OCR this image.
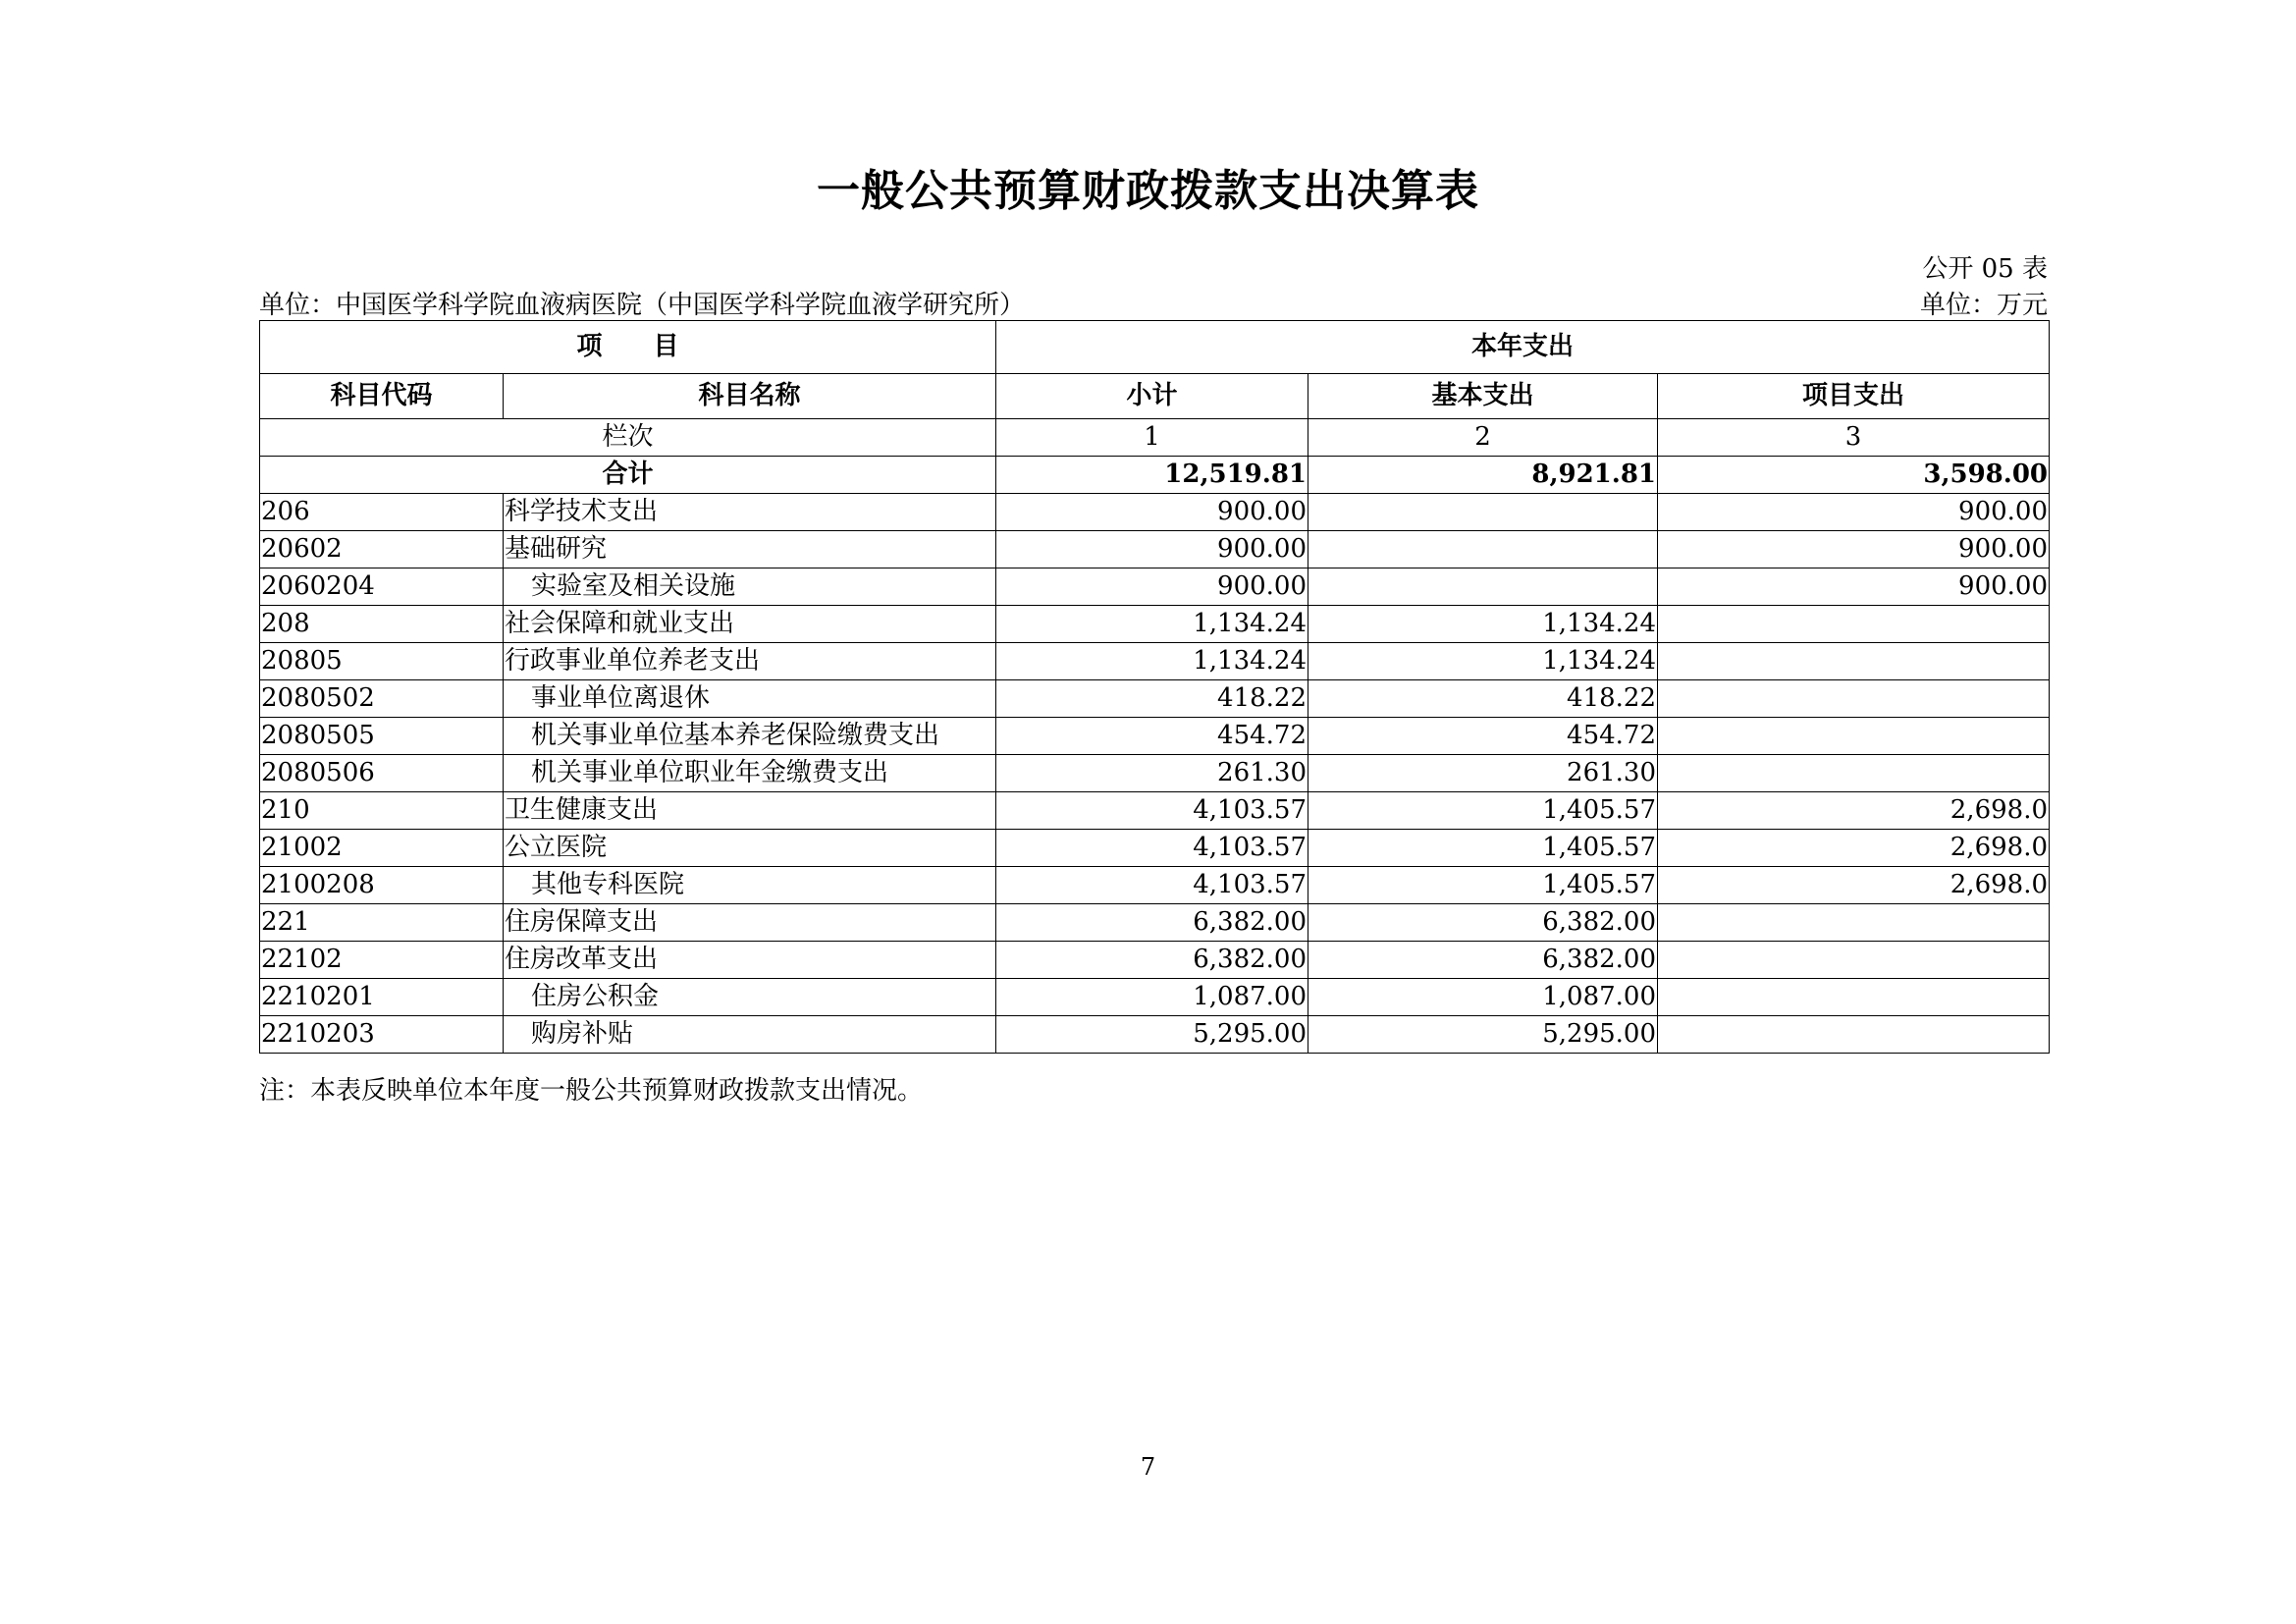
一般公共预算财政拨款支出决算表
公开 05 表
单位：中国医学科学院血液病医院（中国医学科学院血液学研究所）	单位：万元
项　　目		本年支出		
科目代码	科目名称	小计	基本支出	项目支出
栏次		1	2	3
合计		12,519.81	8,921.81	3,598.00
206	科学技术支出	900.00		900.00
20602	基础研究	900.00		900.00
2060204	实验室及相关设施	900.00		900.00
208	社会保障和就业支出	1,134.24	1,134.24	
20805	行政事业单位养老支出	1,134.24	1,134.24	
2080502	事业单位离退休	418.22	418.22	
2080505	机关事业单位基本养老保险缴费支出	454.72	454.72	
2080506	机关事业单位职业年金缴费支出	261.30	261.30	
210	卫生健康支出	4,103.57	1,405.57	2,698.0
21002	公立医院	4,103.57	1,405.57	2,698.0
2100208	其他专科医院	4,103.57	1,405.57	2,698.0
221	住房保障支出	6,382.00	6,382.00	
22102	住房改革支出	6,382.00	6,382.00	
2210201	住房公积金	1,087.00	1,087.00	
2210203	购房补贴	5,295.00	5,295.00	
注：本表反映单位本年度一般公共预算财政拨款支出情况。
7
